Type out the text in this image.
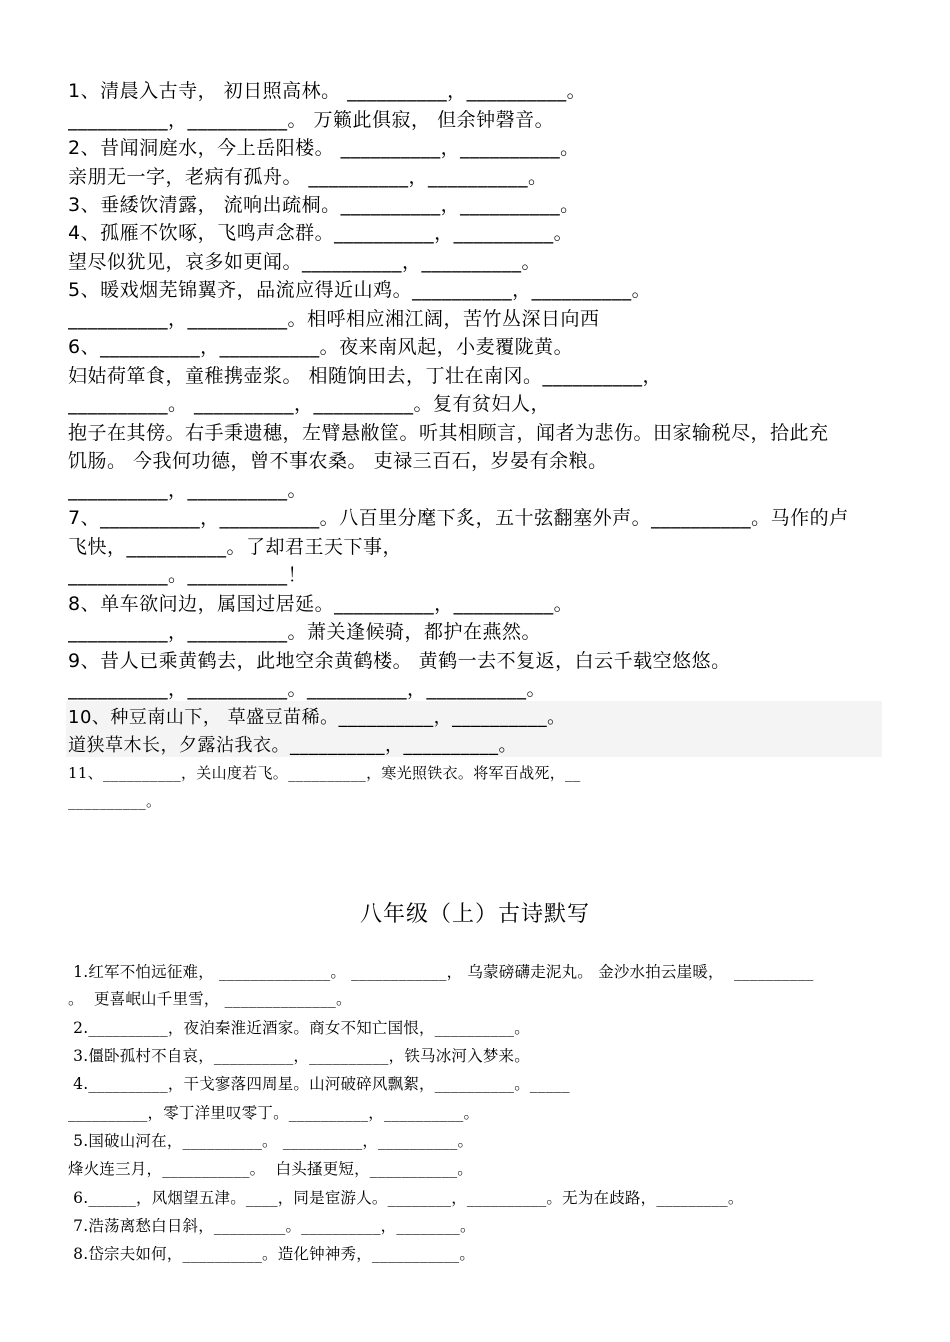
1、清晨入古寺， 初日照高林。 __________，__________。
__________，__________。 万籁此俱寂， 但余钟磬音。
2、昔闻洞庭水，今上岳阳楼。 __________，__________。
亲朋无一字，老病有孤舟。 __________，__________。
3、垂緌饮清露， 流响出疏桐。__________，__________。
4、孤雁不饮啄，飞鸣声念群。__________，__________。
望尽似犹见，哀多如更闻。__________，__________。
5、暖戏烟芜锦翼齐，品流应得近山鸡。__________，__________。
__________，__________。相呼相应湘江阔，苦竹丛深日向西
6、__________，__________。夜来南风起，小麦覆陇黄。
妇姑荷箪食，童稚携壶浆。 相随饷田去，丁壮在南冈。__________，
__________。 __________，__________。复有贫妇人，
抱子在其傍。右手秉遗穗，左臂悬敝筐。听其相顾言，闻者为悲伤。田家输税尽，拾此充
饥肠。 今我何功德，曾不事农桑。 吏禄三百石，岁晏有余粮。
__________，__________。
7、__________，__________。八百里分麾下炙，五十弦翻塞外声。__________。马作的卢
飞快，__________。了却君王天下事，
__________。__________！
8、单车欲问边，属国过居延。__________，__________。
__________，__________。萧关逢候骑，都护在燕然。
9、昔人已乘黄鹤去，此地空余黄鹤楼。 黄鹤一去不复返，白云千载空悠悠。
__________，__________。__________，__________。
10、种豆南山下， 草盛豆苗稀。__________，__________。
道狭草木长，夕露沾我衣。__________，__________。
11、__________，关山度若飞。__________，寒光照铁衣。将军百战死，__
__________。
八年级（上）古诗默写
1.红军不怕远征难， ______________。 ____________， 乌蒙磅礴走泥丸。 金沙水拍云崖暖，  __________
。  更喜岷山千里雪， ______________。
2.__________，夜泊秦淮近酒家。商女不知亡国恨，__________。
3.僵卧孤村不自哀，__________，__________，铁马冰河入梦来。
4.__________，干戈寥落四周星。山河破碎风飘絮，__________。_____
__________，零丁洋里叹零丁。__________，__________。
5.国破山河在，__________。 __________，__________。
烽火连三月，___________。  白头搔更短，___________。
6.______，风烟望五津。____，同是宦游人。________，__________。无为在歧路，_________。
7.浩荡离愁白日斜，_________。__________，________。
8.岱宗夫如何，__________。造化钟神秀，___________。
